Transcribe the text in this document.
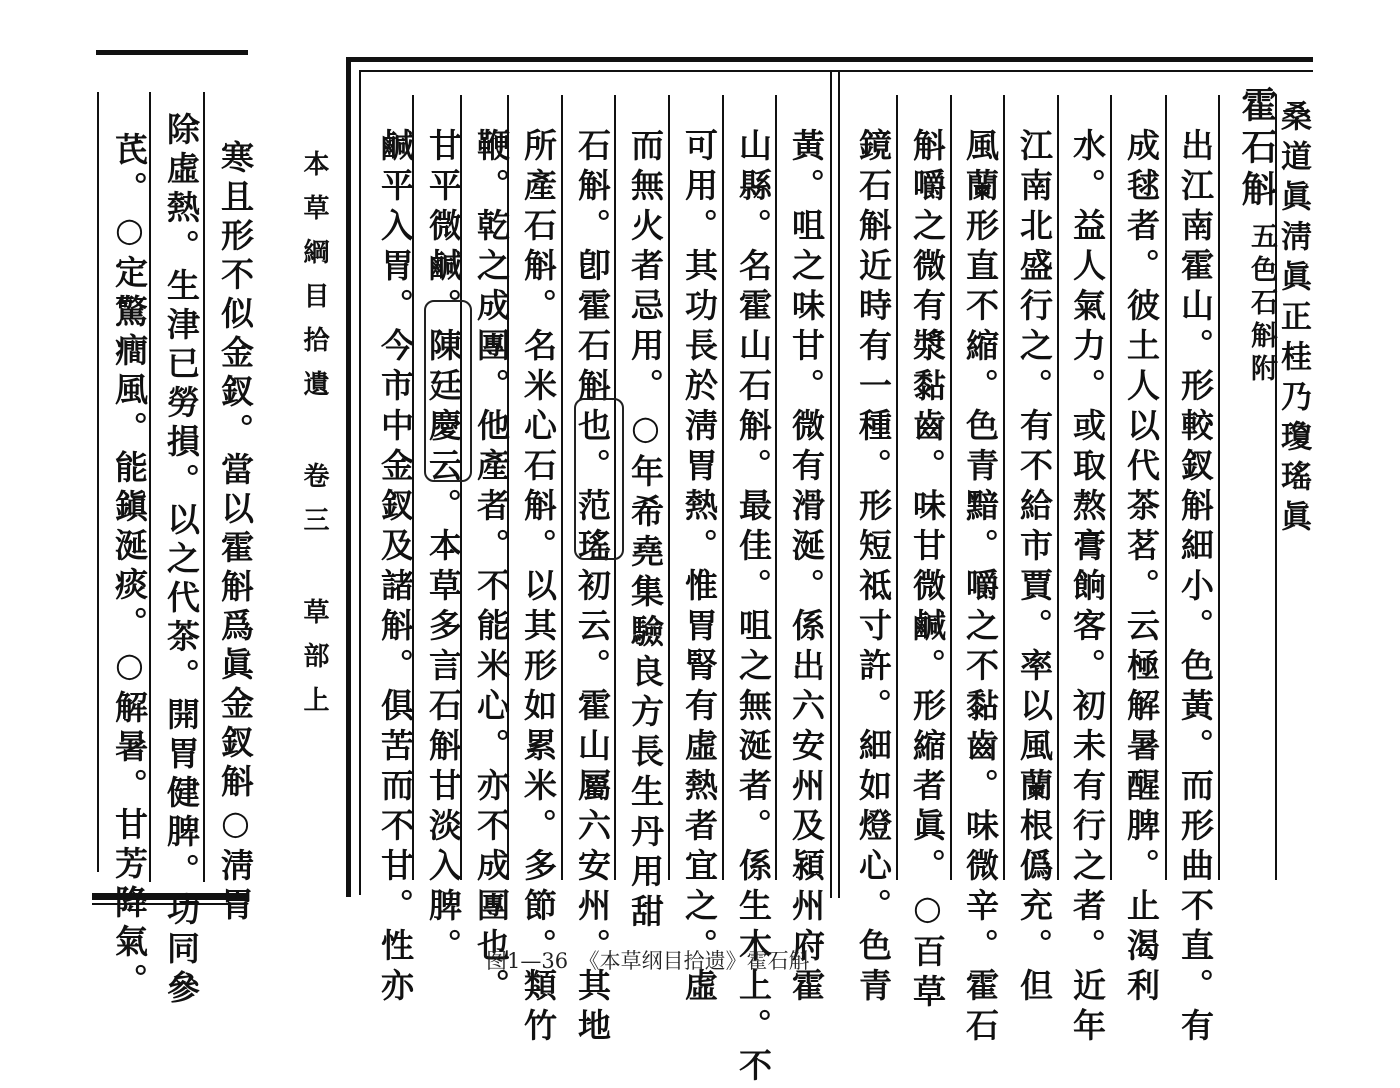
寒且形不似金釵。當以霍斛爲眞金釵斛○淸胃
除虛熱。生津已勞損。以之代茶。開胃健脾。功同參
芪。○定驚癎風。能鎭涎痰。○解暑。甘芳降氣。	本草綱目拾遺 卷三 草部上	桑道眞淸眞正桂乃瓊瑤眞
霍石斛
五色石斛附
出江南霍山。形較釵斛細小。色黃。而形曲不直。有
成毬者。彼土人以代茶茗。云極解暑醒脾。止渴利
水。益人氣力。或取熬膏餉客。初未有行之者。近年
江南北盛行之。有不給市賈。率以風蘭根僞充。但
風蘭形直不縮。色青黯。嚼之不黏齒。味微辛。霍石
斛嚼之微有漿黏齒。味甘微鹹。形縮者眞。○百草
鏡石斛近時有一種。形短祗寸許。細如燈心。色青
黃。咀之味甘。微有滑涎。係出六安州及潁州府霍
山縣。名霍山石斛。最佳。咀之無涎者。係生木上。不
可用。其功長於淸胃熱。惟胃腎有虛熱者宜之。虛
而無火者忌用。○年希堯集驗良方長生丹用甜
石斛。卽霍石斛也。范瑤初云。霍山屬六安州。其地
所產石斛。名米心石斛。以其形如累米。多節。類竹
鞭。乾之成團。他產者。不能米心。亦不成團也。
甘平微鹹。陳廷慶云。本草多言石斛甘淡入脾。
鹹平入胃。今市中金釵及諸斛。俱苦而不甘。性亦	图1—36　《本草纲目拾遗》霍石斛
